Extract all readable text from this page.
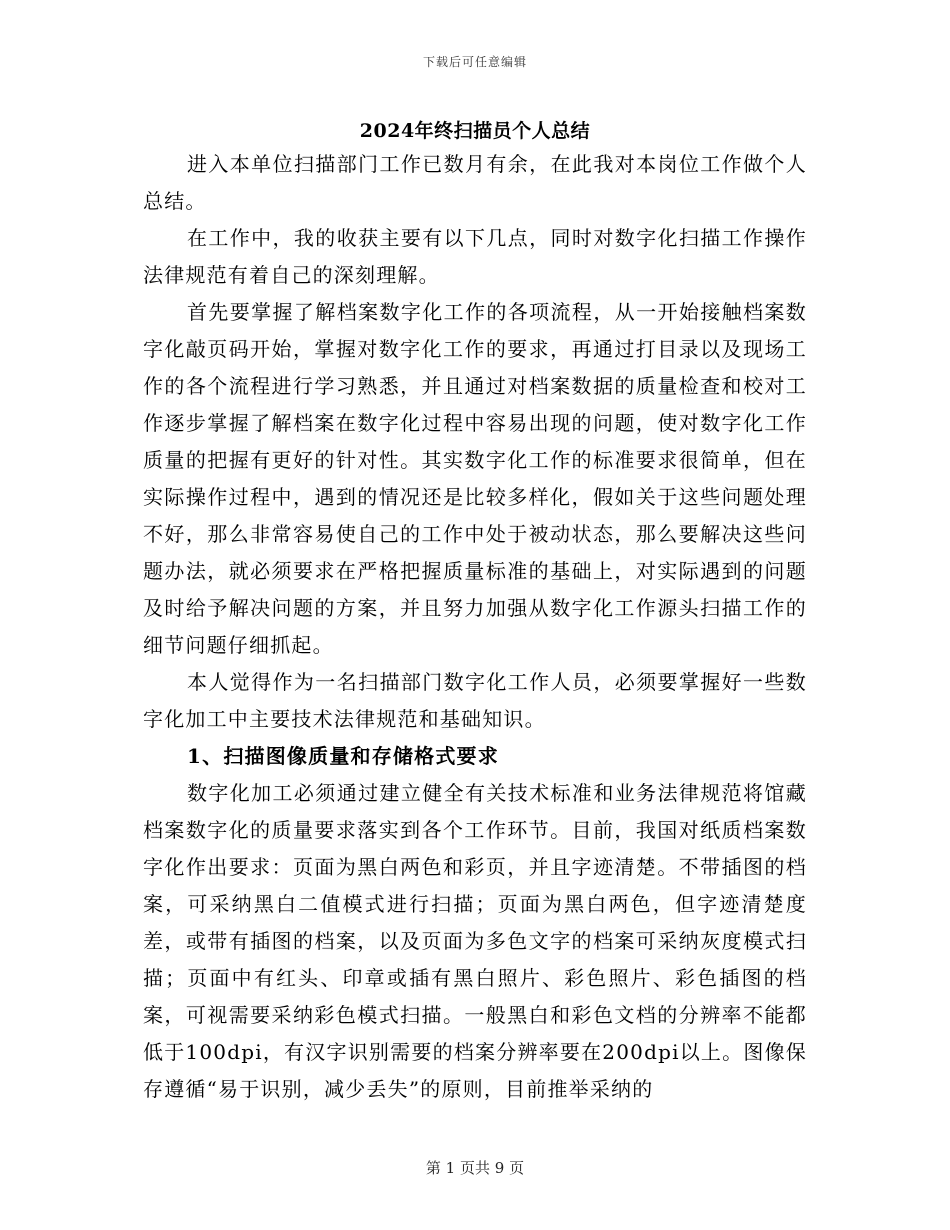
下载后可任意编辑
2024年终扫描员个人总结

进入本单位扫描部门工作已数月有余，在此我对本岗位工作做个人总结。

在工作中，我的收获主要有以下几点，同时对数字化扫描工作操作法律规范有着自己的深刻理解。

首先要掌握了解档案数字化工作的各项流程，从一开始接触档案数字化敲页码开始，掌握对数字化工作的要求，再通过打目录以及现场工作的各个流程进行学习熟悉，并且通过对档案数据的质量检查和校对工作逐步掌握了解档案在数字化过程中容易出现的问题，使对数字化工作质量的把握有更好的针对性。其实数字化工作的标准要求很简单，但在实际操作过程中，遇到的情况还是比较多样化，假如关于这些问题处理不好，那么非常容易使自己的工作中处于被动状态，那么要解决这些问题办法，就必须要求在严格把握质量标准的基础上，对实际遇到的问题及时给予解决问题的方案，并且努力加强从数字化工作源头扫描工作的细节问题仔细抓起。

本人觉得作为一名扫描部门数字化工作人员，必须要掌握好一些数字化加工中主要技术法律规范和基础知识。

1、扫描图像质量和存储格式要求

数字化加工必须通过建立健全有关技术标准和业务法律规范将馆藏档案数字化的质量要求落实到各个工作环节。目前，我国对纸质档案数字化作出要求：页面为黑白两色和彩页，并且字迹清楚。不带插图的档案，可采纳黑白二值模式进行扫描；页面为黑白两色，但字迹清楚度差，或带有插图的档案，以及页面为多色文字的档案可采纳灰度模式扫描；页面中有红头、印章或插有黑白照片、彩色照片、彩色插图的档案，可视需要采纳彩色模式扫描。一般黑白和彩色文档的分辨率不能都低于100dpi，有汉字识别需要的档案分辨率要在200dpi以上。图像保存遵循“易于识别，减少丢失”的原则，目前推举采纳的

第 1 页共 9 页
